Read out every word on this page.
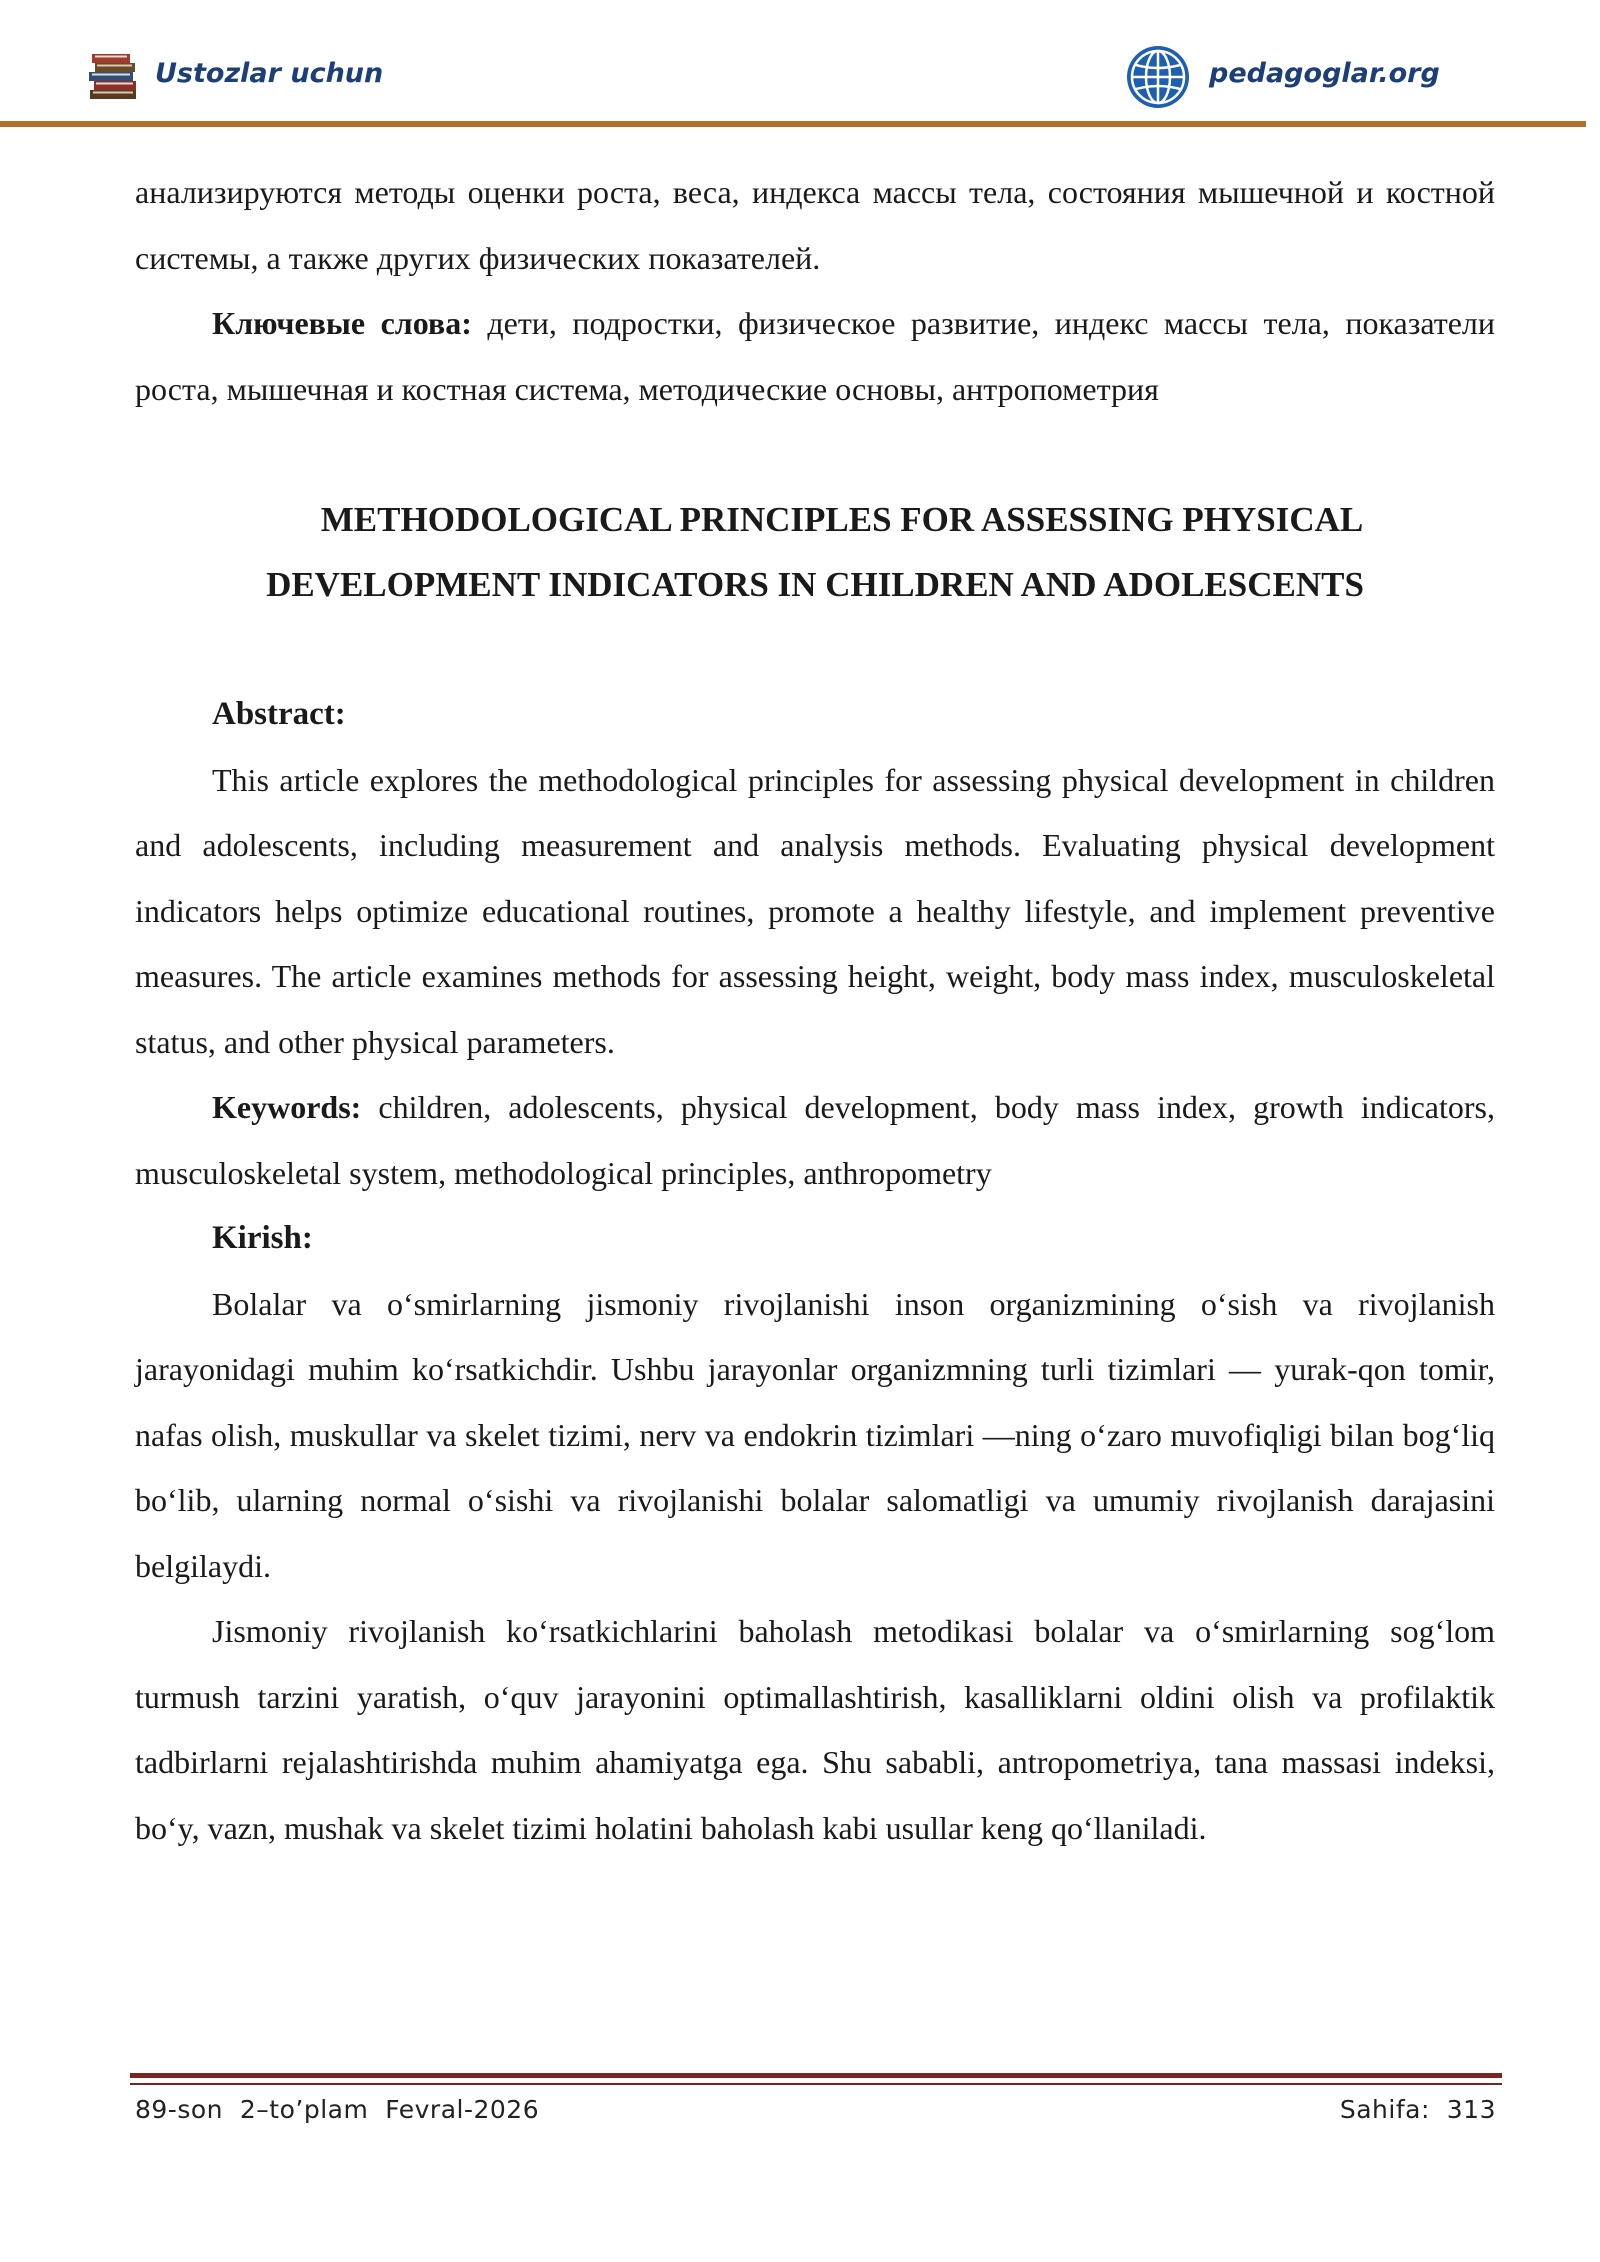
Ustozlar uchun	pedagoglar.org

анализируются методы оценки роста, веса, индекса массы тела, состояния мышечной и костной системы, а также других физических показателей.

Ключевые слова: дети, подростки, физическое развитие, индекс массы тела, показатели роста, мышечная и костная система, методические основы, антропометрия

METHODOLOGICAL PRINCIPLES FOR ASSESSING PHYSICAL

DEVELOPMENT INDICATORS IN CHILDREN AND ADOLESCENTS

Abstract:

This article explores the methodological principles for assessing physical development in children and adolescents, including measurement and analysis methods. Evaluating physical development indicators helps optimize educational routines, promote a healthy lifestyle, and implement preventive measures. The article examines methods for assessing height, weight, body mass index, musculoskeletal status, and other physical parameters.

Keywords: children, adolescents, physical development, body mass index, growth indicators, musculoskeletal system, methodological principles, anthropometry

Kirish:

Bolalar va o‘smirlarning jismoniy rivojlanishi inson organizmining o‘sish va rivojlanish jarayonidagi muhim ko‘rsatkichdir. Ushbu jarayonlar organizmning turli tizimlari — yurak-qon tomir, nafas olish, muskullar va skelet tizimi, nerv va endokrin tizimlari —ning o‘zaro muvofiqligi bilan bog‘liq bo‘lib, ularning normal o‘sishi va rivojlanishi bolalar salomatligi va umumiy rivojlanish darajasini belgilaydi.

Jismoniy rivojlanish ko‘rsatkichlarini baholash metodikasi bolalar va o‘smirlarning sog‘lom turmush tarzini yaratish, o‘quv jarayonini optimallashtirish, kasalliklarni oldini olish va profilaktik tadbirlarni rejalashtirishda muhim ahamiyatga ega. Shu sababli, antropometriya, tana massasi indeksi, bo‘y, vazn, mushak va skelet tizimi holatini baholash kabi usullar keng qo‘llaniladi.

89-son  2–to’plam  Fevral-2026	Sahifa:  313
